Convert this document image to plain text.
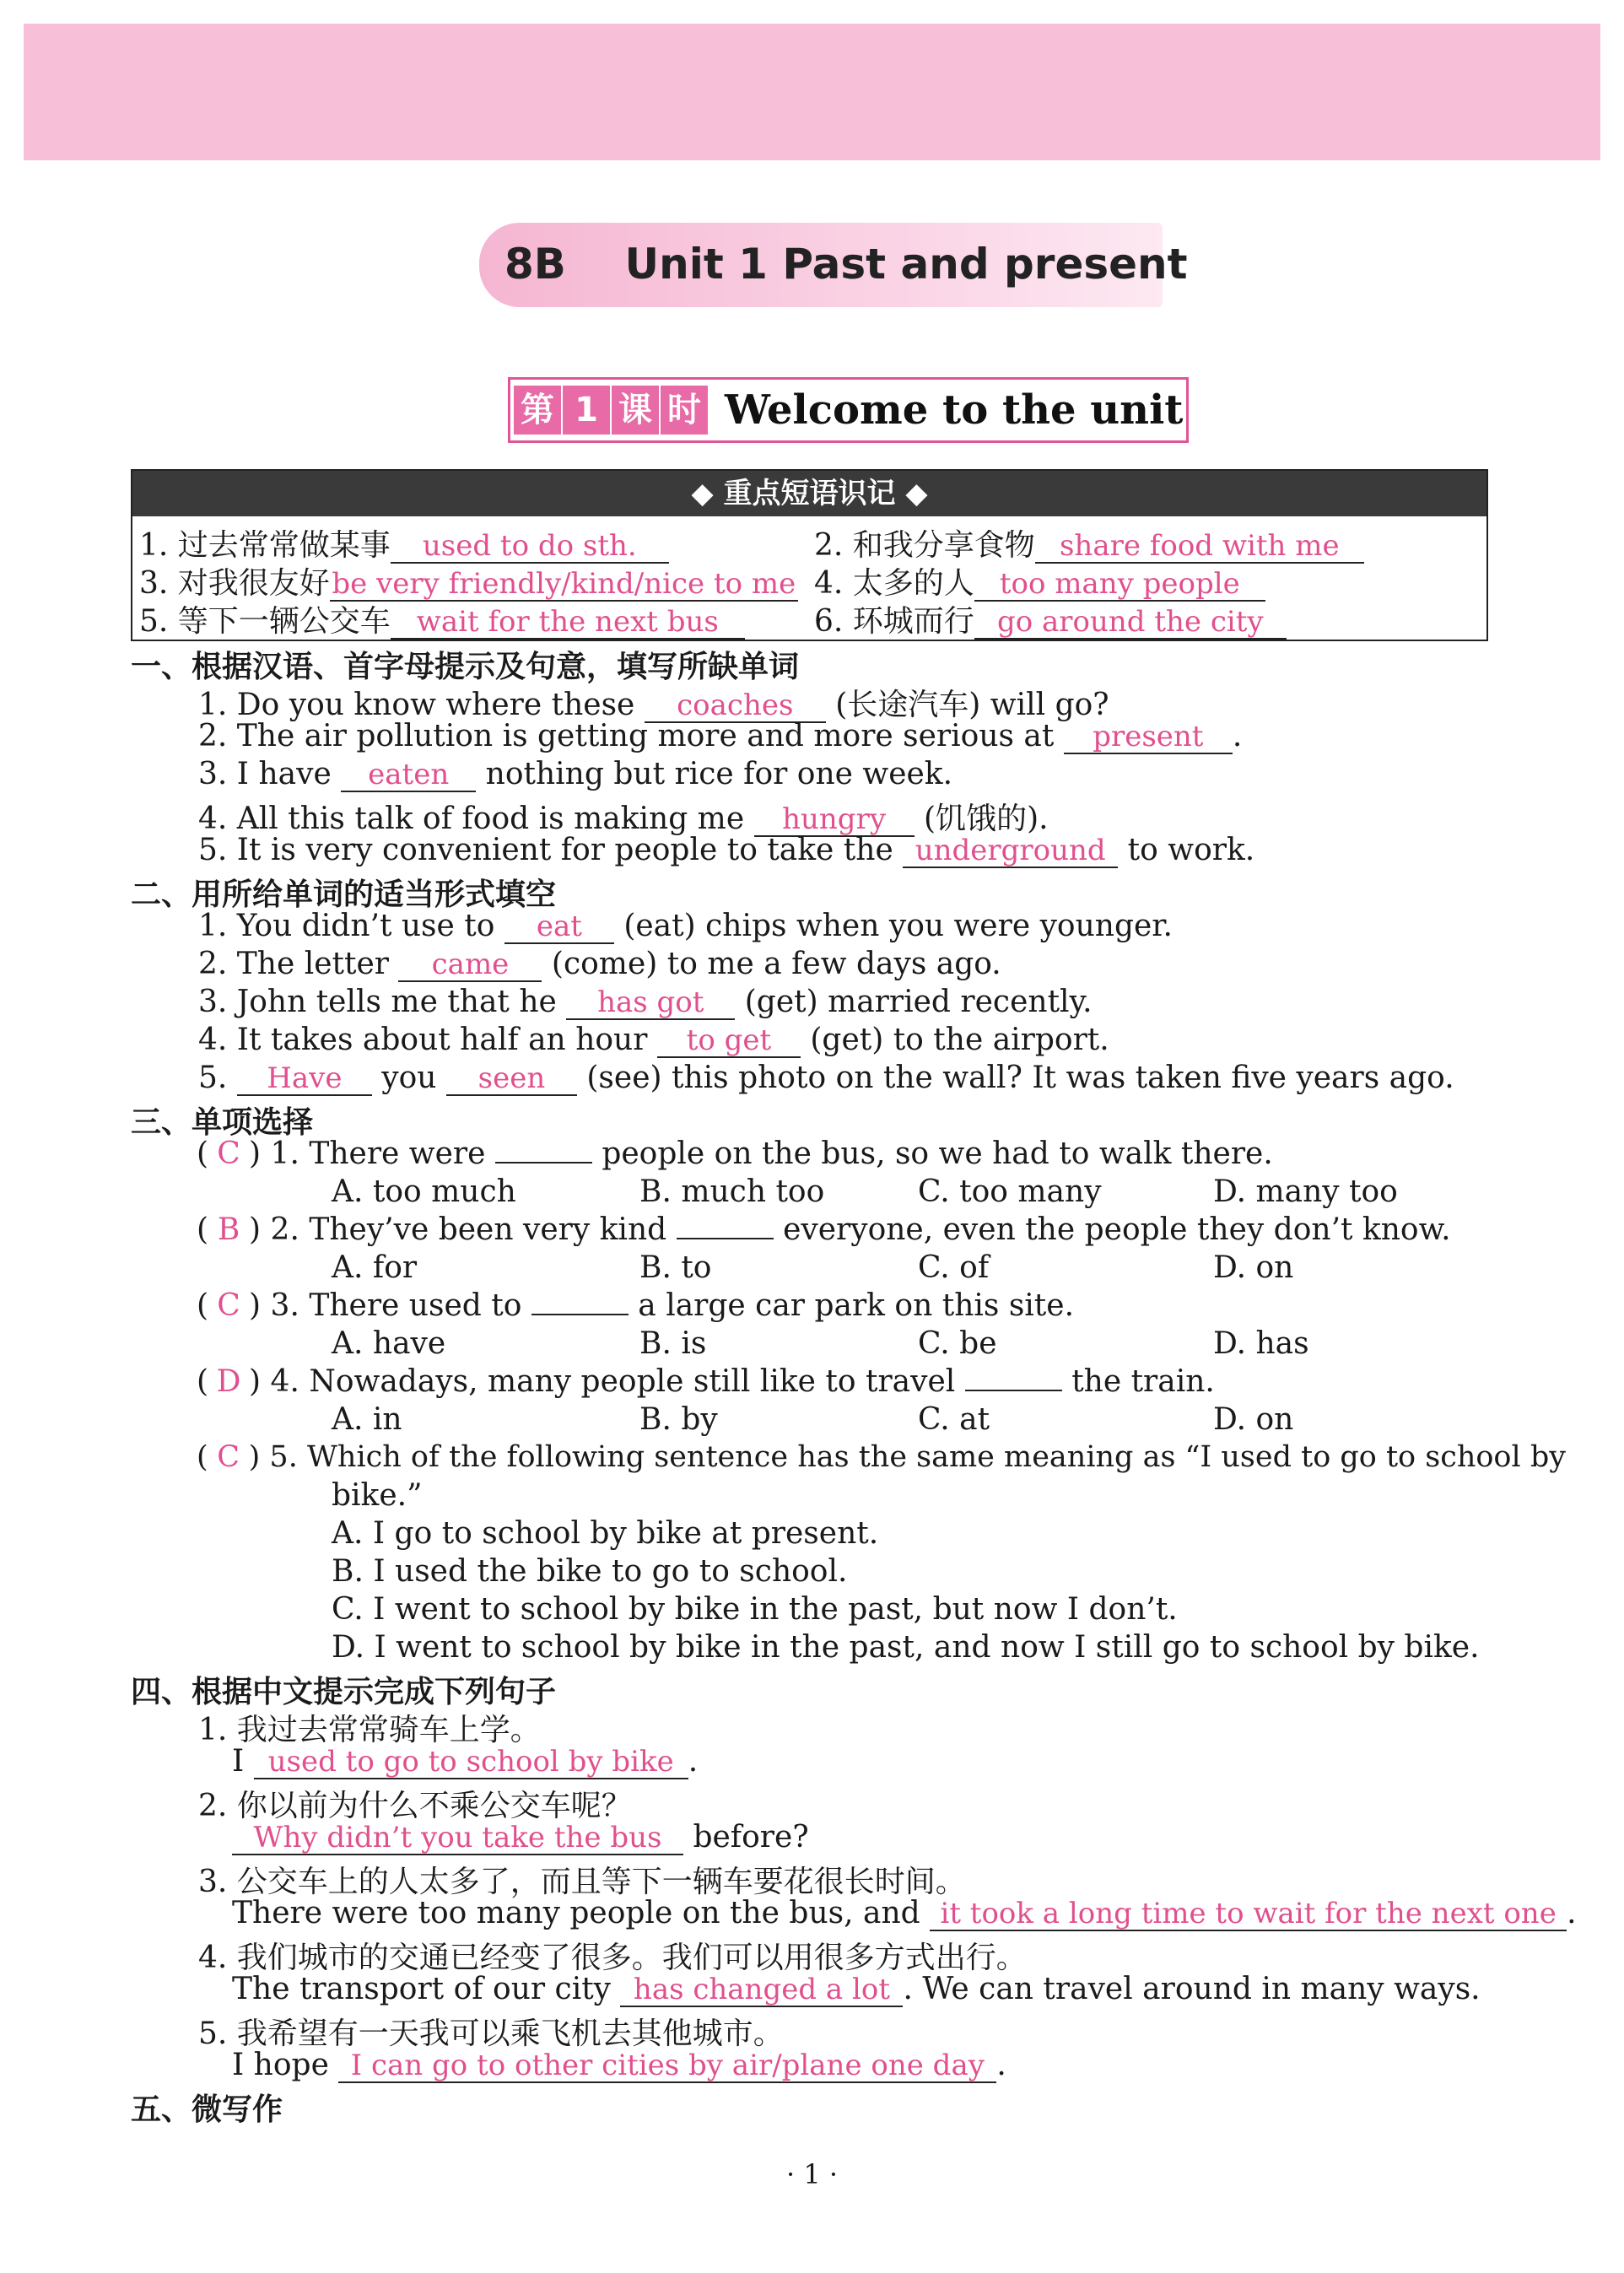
8B    Unit 1 Past and present
第 1 课 时 Welcome to the unit
◆ 重点短语识记 ◆
1. 过去常常做某事 used to do sth.	2. 和我分享食物 share food with me
3. 对我很友好be very friendly/kind/nice to me 4. 太多的人 too many people
5. 等下一辆公交车 wait for the next bus	6. 环城而行 go around the city
一、根据汉语、首字母提示及句意，填写所缺单词
1. Do you know where these coaches (长途汽车) will go?
2. The air pollution is getting more and more serious at present .
3. I have eaten nothing but rice for one week.
4. All this talk of food is making me hungry (饥饿的).
5. It is very convenient for people to take the underground to work.
二、用所给单词的适当形式填空
1. You didn’t use to eat (eat) chips when you were younger.
2. The letter came (come) to me a few days ago.
3. John tells me that he has got (get) married recently.
4. It takes about half an hour to get (get) to the airport.
5. Have you seen (see) this photo on the wall? It was taken five years ago.
三、单项选择
( C ) 1. There were	people on the bus, so we had to walk there.
A. too much	B. much too	C. too many	D. many too
( B ) 2. They’ve been very kind	everyone, even the people they don’t know.
A. for	B. to	C. of	D. on
( C ) 3. There used to	a large car park on this site.
A. have	B. is	C. be	D. has
( D ) 4. Nowadays, many people still like to travel	the train.
A. in	B. by	C. at	D. on
( C ) 5. Which of the following sentence has the same meaning as “I used to go to school by
bike.”
A. I go to school by bike at present.
B. I used the bike to go to school.
C. I went to school by bike in the past, but now I don’t.
D. I went to school by bike in the past, and now I still go to school by bike.
四、根据中文提示完成下列句子
1. 我过去常常骑车上学。
I used to go to school by bike .
2. 你以前为什么不乘公交车呢？
Why didn’t you take the bus before?
3. 公交车上的人太多了，而且等下一辆车要花很长时间。
There were too many people on the bus, and it took a long time to wait for the next one .
4. 我们城市的交通已经变了很多。我们可以用很多方式出行。
The transport of our city has changed a lot . We can travel around in many ways.
5. 我希望有一天我可以乘飞机去其他城市。
I hope I can go to other cities by air/plane one day .
五、微写作
· 1 ·
